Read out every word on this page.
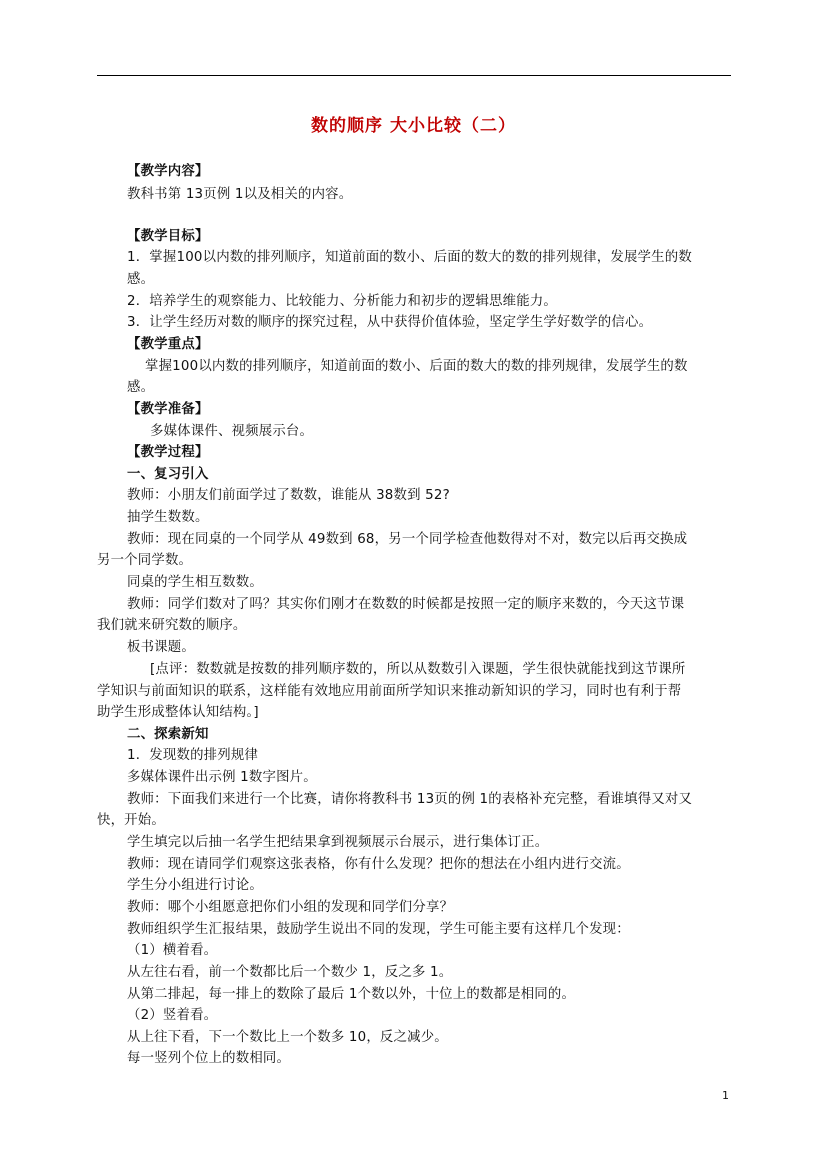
数的顺序 大小比较（二）
【教学内容】
教科书第 13页例 1以及相关的内容。
【教学目标】
1．掌握100以内数的排列顺序，知道前面的数小、后面的数大的数的排列规律，发展学生的数
感。
2．培养学生的观察能力、比较能力、分析能力和初步的逻辑思维能力。
3．让学生经历对数的顺序的探究过程，从中获得价值体验，坚定学生学好数学的信心。
【教学重点】
掌握100以内数的排列顺序，知道前面的数小、后面的数大的数的排列规律，发展学生的数
感。
【教学准备】
多媒体课件、视频展示台。
【教学过程】
一、复习引入
教师：小朋友们前面学过了数数，谁能从 38数到 52?
抽学生数数。
教师：现在同桌的一个同学从 49数到 68，另一个同学检查他数得对不对，数完以后再交换成
另一个同学数。
同桌的学生相互数数。
教师：同学们数对了吗？其实你们刚才在数数的时候都是按照一定的顺序来数的，今天这节课
我们就来研究数的顺序。
板书课题。
[点评：数数就是按数的排列顺序数的，所以从数数引入课题，学生很快就能找到这节课所
学知识与前面知识的联系，这样能有效地应用前面所学知识来推动新知识的学习，同时也有利于帮
助学生形成整体认知结构。]
二、探索新知
1．发现数的排列规律
多媒体课件出示例 1数字图片。
教师：下面我们来进行一个比赛，请你将教科书 13页的例 1的表格补充完整，看谁填得又对又
快，开始。
学生填完以后抽一名学生把结果拿到视频展示台展示，进行集体订正。
教师：现在请同学们观察这张表格，你有什么发现？把你的想法在小组内进行交流。
学生分小组进行讨论。
教师：哪个小组愿意把你们小组的发现和同学们分享？
教师组织学生汇报结果，鼓励学生说出不同的发现，学生可能主要有这样几个发现：
（1）横着看。
从左往右看，前一个数都比后一个数少 1，反之多 1。
从第二排起，每一排上的数除了最后 1个数以外，十位上的数都是相同的。
（2）竖着看。
从上往下看，下一个数比上一个数多 10，反之减少。
每一竖列个位上的数相同。
1
